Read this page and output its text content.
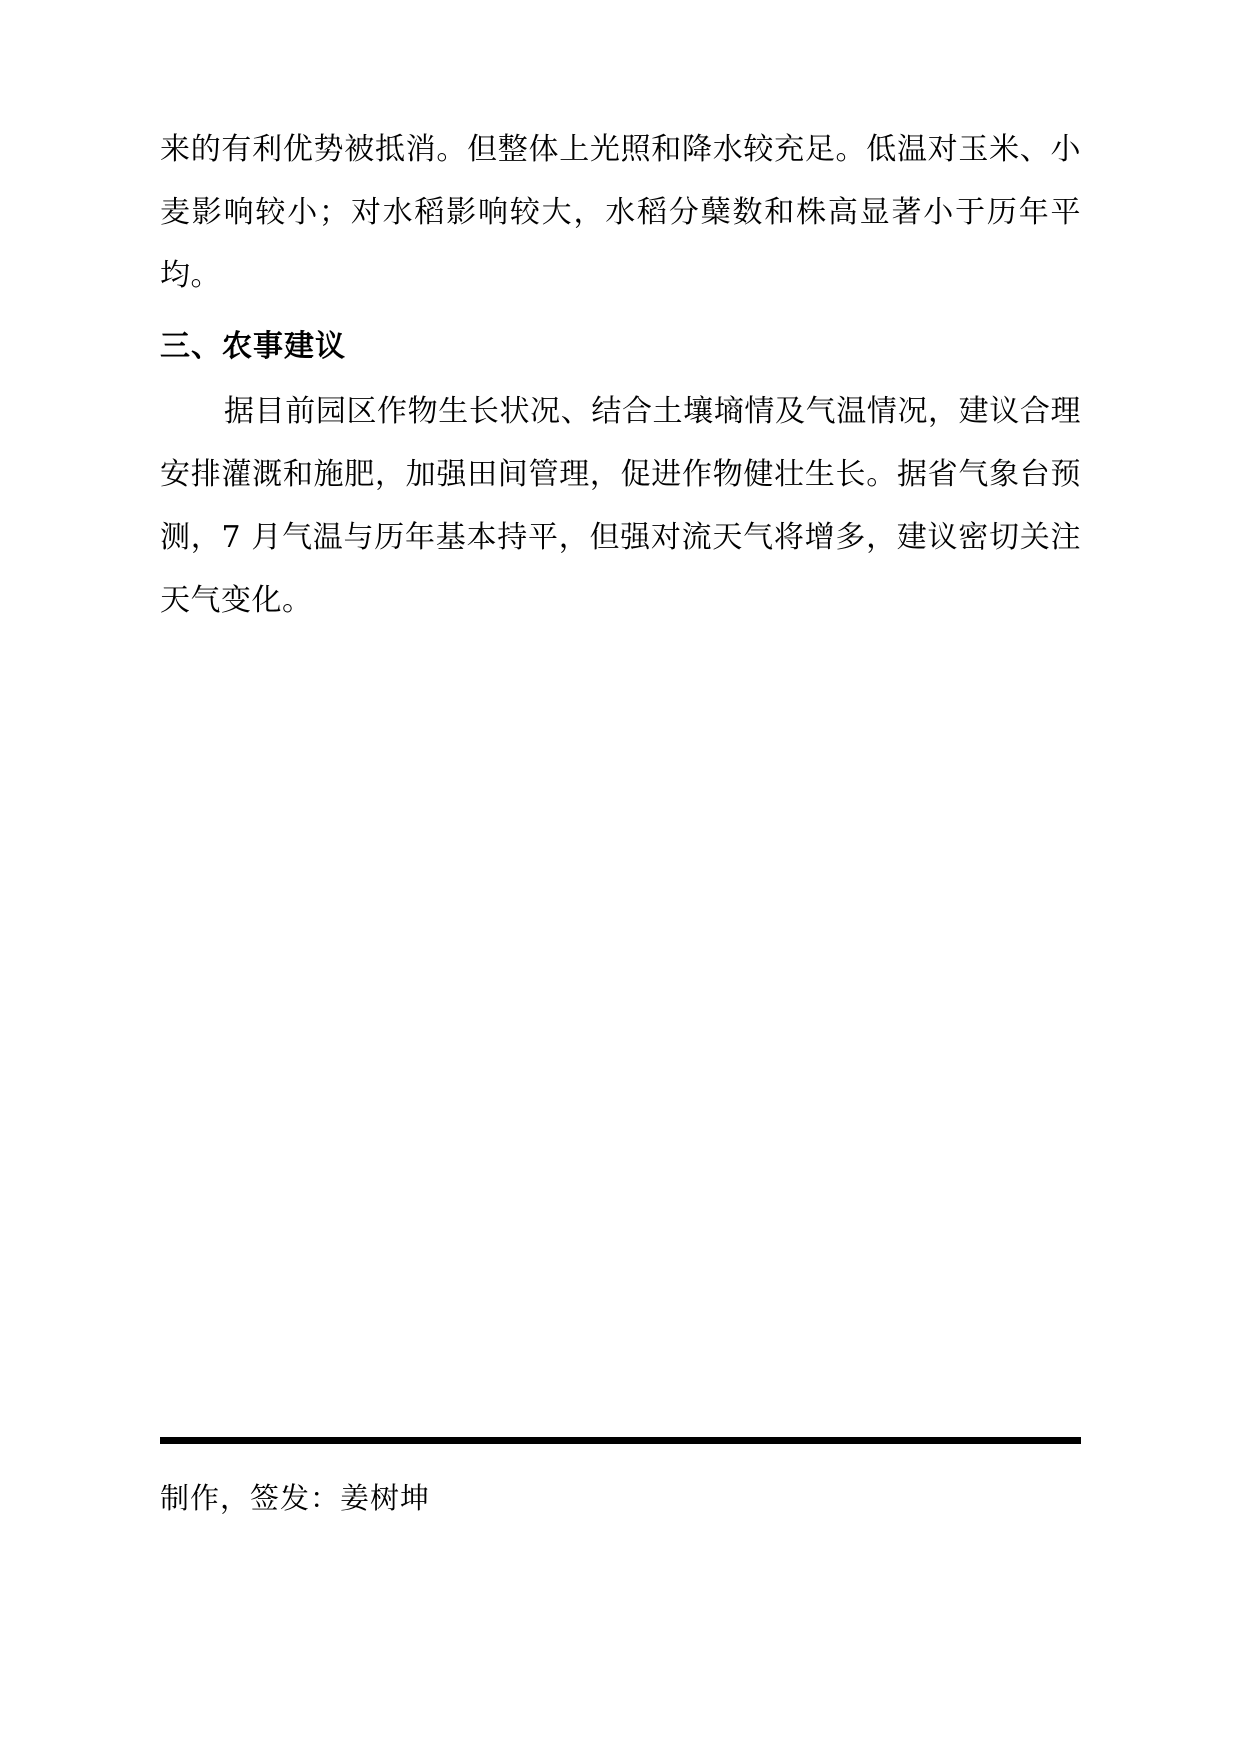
来的有利优势被抵消。但整体上光照和降水较充足。低温对玉米、小麦影响较小；对水稻影响较大，水稻分蘖数和株高显著小于历年平均。

三、农事建议

据目前园区作物生长状况、结合土壤墒情及气温情况，建议合理安排灌溉和施肥，加强田间管理，促进作物健壮生长。据省气象台预测，7 月气温与历年基本持平，但强对流天气将增多，建议密切关注天气变化。

制作，签发：姜树坤
